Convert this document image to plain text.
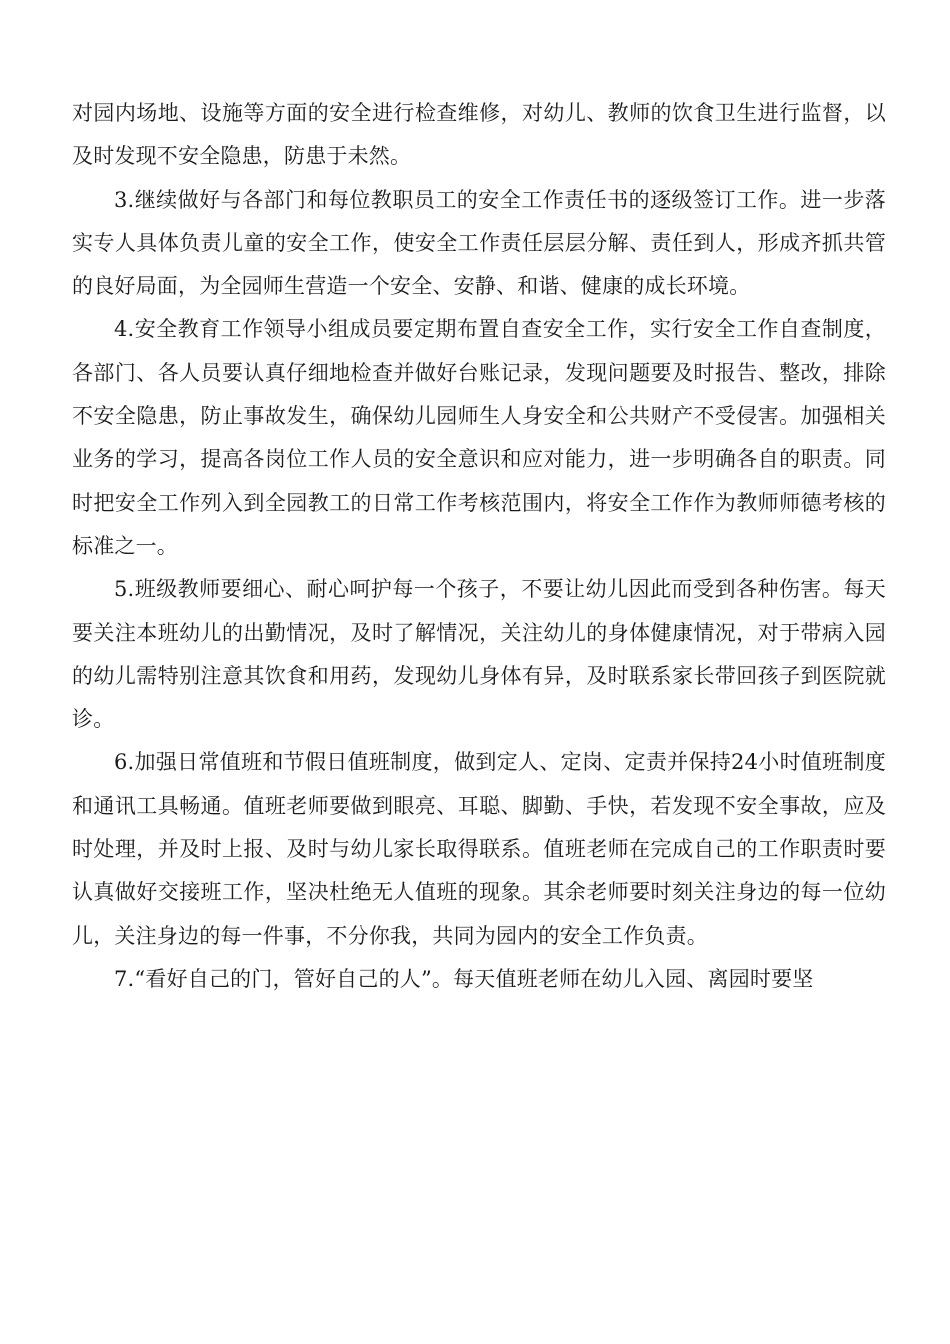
对园内场地、设施等方面的安全进行检查维修，对幼儿、教师的饮食卫生进行监督，以及时发现不安全隐患，防患于未然。

3.继续做好与各部门和每位教职员工的安全工作责任书的逐级签订工作。进一步落实专人具体负责儿童的安全工作，使安全工作责任层层分解、责任到人，形成齐抓共管的良好局面，为全园师生营造一个安全、安静、和谐、健康的成长环境。

4.安全教育工作领导小组成员要定期布置自查安全工作，实行安全工作自查制度，各部门、各人员要认真仔细地检查并做好台账记录，发现问题要及时报告、整改，排除不安全隐患，防止事故发生，确保幼儿园师生人身安全和公共财产不受侵害。加强相关业务的学习，提高各岗位工作人员的安全意识和应对能力，进一步明确各自的职责。同时把安全工作列入到全园教工的日常工作考核范围内，将安全工作作为教师师德考核的标准之一。

5.班级教师要细心、耐心呵护每一个孩子，不要让幼儿因此而受到各种伤害。每天要关注本班幼儿的出勤情况，及时了解情况，关注幼儿的身体健康情况，对于带病入园的幼儿需特别注意其饮食和用药，发现幼儿身体有异，及时联系家长带回孩子到医院就诊。

6.加强日常值班和节假日值班制度，做到定人、定岗、定责并保持24小时值班制度和通讯工具畅通。值班老师要做到眼亮、耳聪、脚勤、手快，若发现不安全事故，应及时处理，并及时上报、及时与幼儿家长取得联系。值班老师在完成自己的工作职责时要认真做好交接班工作，坚决杜绝无人值班的现象。其余老师要时刻关注身边的每一位幼儿，关注身边的每一件事，不分你我，共同为园内的安全工作负责。

7.“看好自己的门，管好自己的人”。每天值班老师在幼儿入园、离园时要坚
